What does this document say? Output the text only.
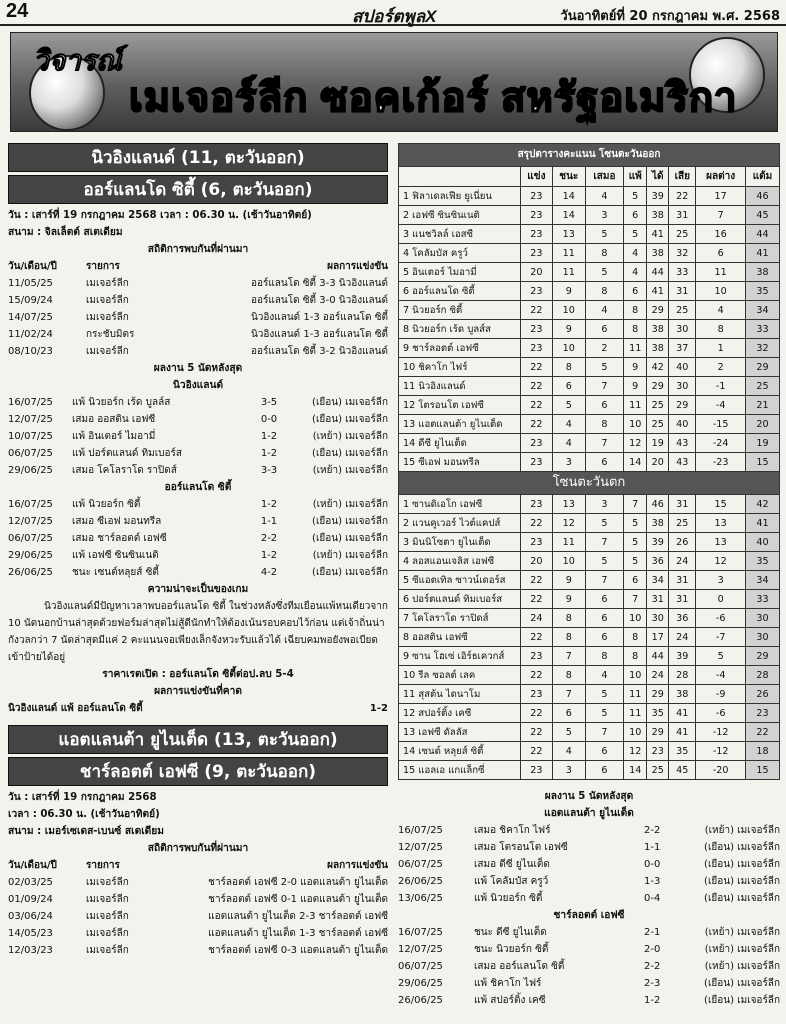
24	สปอร์ตพูลX	วันอาทิตย์ที่ 20 กรกฎาคม พ.ศ. 2568
วิจารณ์
เมเจอร์ลีก ซอคเก้อร์ สหรัฐอเมริกา
นิวอิงแลนด์ (11, ตะวันออก)
ออร์แลนโด ซิตี้ (6, ตะวันออก)
วัน : เสาร์ที่ 19 กรกฎาคม 2568 เวลา : 06.30 น. (เช้าวันอาทิตย์)
สนาม : จิลเล็ตต์ สเตเดียม
สถิติการพบกันที่ผ่านมา
วัน/เดือน/ปี	รายการ	ผลการแข่งขัน
11/05/25	เมเจอร์ลีก	ออร์แลนโด ซิตี้ 3-3 นิวอิงแลนด์
15/09/24	เมเจอร์ลีก	ออร์แลนโด ซิตี้ 3-0 นิวอิงแลนด์
14/07/25	เมเจอร์ลีก	นิวอิงแลนด์ 1-3 ออร์แลนโด ซิตี้
11/02/24	กระชับมิตร	นิวอิงแลนด์ 1-3 ออร์แลนโด ซิตี้
08/10/23	เมเจอร์ลีก	ออร์แลนโด ซิตี้ 3-2 นิวอิงแลนด์
ผลงาน 5 นัดหลังสุด
นิวอิงแลนด์
16/07/25	แพ้ นิวยอร์ก เร้ด บูลล์ส	3-5	(เยือน) เมเจอร์ลีก
12/07/25	เสมอ ออสติน เอฟซี	0-0	(เยือน) เมเจอร์ลีก
10/07/25	แพ้ อินเตอร์ ไมอามี่	1-2	(เหย้า) เมเจอร์ลีก
06/07/25	แพ้ ปอร์ตแลนด์ ทิมเบอร์ส	1-2	(เยือน) เมเจอร์ลีก
29/06/25	เสมอ โคโลราโด ราปิดส์	3-3	(เหย้า) เมเจอร์ลีก
ออร์แลนโด ซิตี้
16/07/25	แพ้ นิวยอร์ก ซิตี้	1-2	(เหย้า) เมเจอร์ลีก
12/07/25	เสมอ ซีเอฟ มอนทรีล	1-1	(เยือน) เมเจอร์ลีก
06/07/25	เสมอ ชาร์ลอตต์ เอฟซี	2-2	(เยือน) เมเจอร์ลีก
29/06/25	แพ้ เอฟซี ซินซินเนติ	1-2	(เหย้า) เมเจอร์ลีก
26/06/25	ชนะ เซนต์หลุยส์ ซิตี้	4-2	(เยือน) เมเจอร์ลีก
ความน่าจะเป็นของเกม
นิวอิงแลนด์มีปัญหาเวลาพบออร์แลนโด ซิตี้ ในช่วงหลังซึ่งทีมเยือนแพ้หนเดียวจาก 10 นัดนอกบ้านล่าสุดด้วยฟอร์มล่าสุดไม่สู้ดีนักทำให้ต้องเน้นรอบคอบไว้ก่อน แต่เจ้าถิ่นน่ากังวลกว่า 7 นัดล่าสุดมีแค่ 2 คะแนนจอเพียงเล็กจังหวะรับแล้วได้ เฉียบคมพอยังพอเบียดเข้าป้ายได้อยู่
ราคาเรตเปิด : ออร์แลนโด ซิตี้ต่อป.ลบ 5-4
ผลการแข่งขันที่คาด
นิวอิงแลนด์ แพ้ ออร์แลนโด ซิตี้	1-2
แอตแลนต้า ยูไนเต็ด (13, ตะวันออก)
ชาร์ลอตต์ เอฟซี (9, ตะวันออก)
วัน : เสาร์ที่ 19 กรกฎาคม 2568
เวลา : 06.30 น. (เช้าวันอาทิตย์)
สนาม : เมอร์เซเดส-เบนซ์ สเตเดียม
สถิติการพบกันที่ผ่านมา
วัน/เดือน/ปี	รายการ	ผลการแข่งขัน
02/03/25	เมเจอร์ลีก	ชาร์ลอตต์ เอฟซี 2-0 แอตแลนต้า ยูไนเต็ด
01/09/24	เมเจอร์ลีก	ชาร์ลอตต์ เอฟซี 0-1 แอตแลนต้า ยูไนเต็ด
03/06/24	เมเจอร์ลีก	แอตแลนต้า ยูไนเต็ด 2-3 ชาร์ลอตต์ เอฟซี
14/05/23	เมเจอร์ลีก	แอตแลนต้า ยูไนเต็ด 1-3 ชาร์ลอตต์ เอฟซี
12/03/23	เมเจอร์ลีก	ชาร์ลอตต์ เอฟซี 0-3 แอตแลนต้า ยูไนเต็ด
สรุปตารางคะแนน โซนตะวันออก								
	แข่ง	ชนะ	เสมอ	แพ้	ได้	เสีย	ผลต่าง	แต้ม
1 ฟิลาเดลเฟีย ยูเนี่ยน	23	14	4	5	39	22	17	46
2 เอฟซี ซินซินเนติ	23	14	3	6	38	31	7	45
3 แนชวิลล์ เอสซี	23	13	5	5	41	25	16	44
4 โคลัมบัส ครูว์	23	11	8	4	38	32	6	41
5 อินเตอร์ ไมอามี่	20	11	5	4	44	33	11	38
6 ออร์แลนโด ซิตี้	23	9	8	6	41	31	10	35
7 นิวยอร์ก ซิตี้	22	10	4	8	29	25	4	34
8 นิวยอร์ก เร้ด บูลส์ส	23	9	6	8	38	30	8	33
9 ชาร์ลอตต์ เอฟซี	23	10	2	11	38	37	1	32
10 ชิคาโก ไฟร์	22	8	5	9	42	40	2	29
11 นิวอิงแลนด์	22	6	7	9	29	30	-1	25
12 โตรอนโต เอฟซี	22	5	6	11	25	29	-4	21
13 แอตแลนต้า ยูไนเต็ด	22	4	8	10	25	40	-15	20
14 ดีซี ยูไนเต็ด	23	4	7	12	19	43	-24	19
15 ซีเอฟ มอนทรีล	23	3	6	14	20	43	-23	15
โซนตะวันตก								
1 ซานดิเอโก เอฟซี	23	13	3	7	46	31	15	42
2 แวนคูเวอร์ ไวต์แคปส์	22	12	5	5	38	25	13	41
3 มินนิโซตา ยูไนเต็ด	23	11	7	5	39	26	13	40
4 ลอสแอนเจลิส เอฟซี	20	10	5	5	36	24	12	35
5 ซีแอตเทิล ซาวน์เดอร์ส	22	9	7	6	34	31	3	34
6 ปอร์ตแลนด์ ทิมเบอร์ส	22	9	6	7	31	31	0	33
7 โคโลราโด ราปิดส์	24	8	6	10	30	36	-6	30
8 ออสติน เอฟซี	22	8	6	8	17	24	-7	30
9 ซาน โฮเซ่ เอิร์ธเควกส์	23	7	8	8	44	39	5	29
10 รีล ซอลต์ เลค	22	8	4	10	24	28	-4	28
11 สุสต้น ไดนาโม	23	7	5	11	29	38	-9	26
12 สปอร์ติ้ง เคซี	22	6	5	11	35	41	-6	23
13 เอฟซี ดัลลัส	22	5	7	10	29	41	-12	22
14 เซนต์ หลุยส์ ซิตี้	22	4	6	12	23	35	-12	18
15 แอลเอ แกแล็กซี่	23	3	6	14	25	45	-20	15
ผลงาน 5 นัดหลังสุด
แอตแลนต้า ยูไนเต็ด
16/07/25	เสมอ ชิคาโก ไฟร์	2-2	(เหย้า) เมเจอร์ลีก
12/07/25	เสมอ โตรอนโต เอฟซี	1-1	(เยือน) เมเจอร์ลีก
06/07/25	เสมอ ดีซี ยูไนเต็ด	0-0	(เยือน) เมเจอร์ลีก
26/06/25	แพ้ โคลัมบัส ครูว์	1-3	(เยือน) เมเจอร์ลีก
13/06/25	แพ้ นิวยอร์ก ซิตี้	0-4	(เยือน) เมเจอร์ลีก
ชาร์ลอตต์ เอฟซี
16/07/25	ชนะ ดีซี ยูไนเต็ด	2-1	(เหย้า) เมเจอร์ลีก
12/07/25	ชนะ นิวยอร์ก ซิตี้	2-0	(เหย้า) เมเจอร์ลีก
06/07/25	เสมอ ออร์แลนโด ซิตี้	2-2	(เหย้า) เมเจอร์ลีก
29/06/25	แพ้ ชิคาโก ไฟร์	2-3	(เยือน) เมเจอร์ลีก
26/06/25	แพ้ สปอร์ติ้ง เคซี	1-2	(เยือน) เมเจอร์ลีก
